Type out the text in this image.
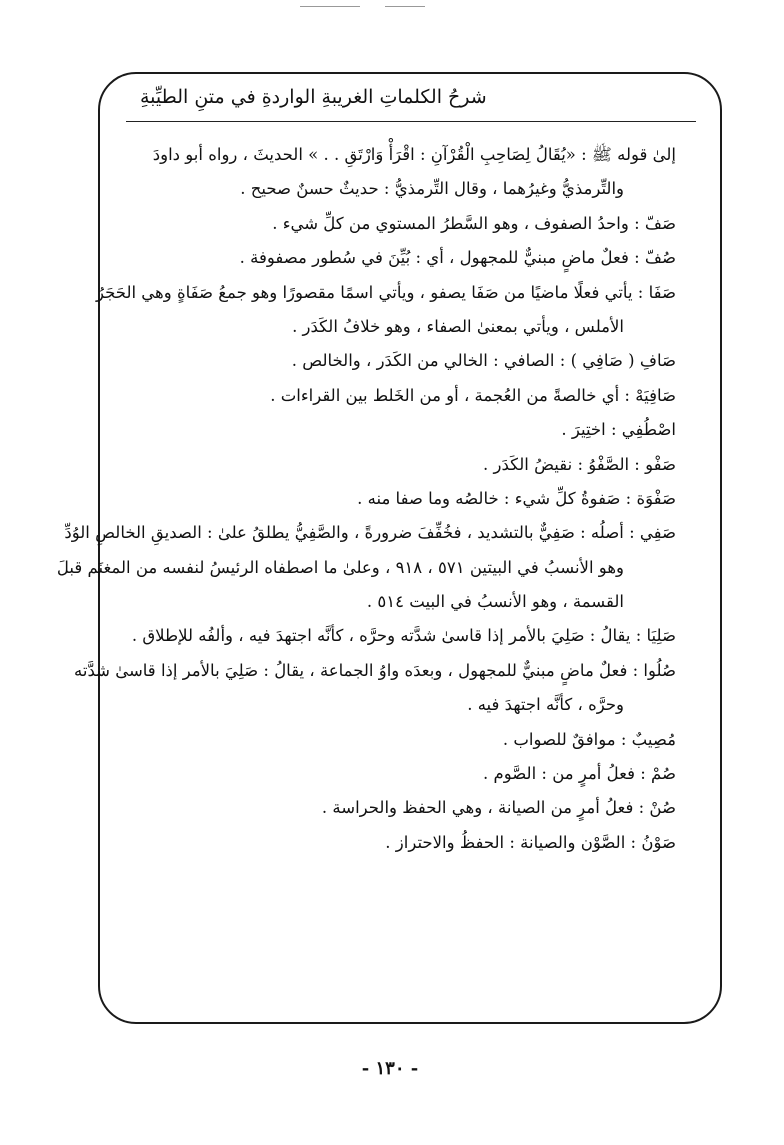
شرحُ الكلماتِ الغريبةِ الواردةِ في متنِ الطيِّبةِ
إلىٰ قوله ﷺ : «يُقَالُ لِصَاحِبِ الْقُرْآنِ : اقْرَأْ وَارْتَقِ . . » الحديثَ ، رواه أبو داودَ
والتِّرمذيُّ وغيرُهما ، وقال التِّرمذيُّ : حديثٌ حسنٌ صحيح .
صَفّ : واحدُ الصفوف ، وهو السَّطرُ المستوي من كلِّ شيء .
صُفّ : فعلٌ ماضٍ مبنيٌّ للمجهول ، أي : بُيِّنَ في سُطور مصفوفة .
صَفَا : يأتي فعلًا ماضيًا من صَفَا يصفو ، ويأتي اسمًا مقصورًا وهو جمعُ صَفَاةٍ وهي الحَجَرُ
الأملس ، ويأتي بمعنىٰ الصفاء ، وهو خلافُ الكَدَر .
صَافِ ( صَافِي ) : الصافي : الخالي من الكَدَر ، والخالص .
صَافِيَهْ : أي خالصةً من العُجمة ، أو من الخَلط بين القراءات .
اصْطُفِي : اختِيرَ .
صَفْو : الصَّفْوُ : نقيضُ الكَدَر .
صَفْوَة : صَفوةُ كلِّ شيء : خالصُه وما صفا منه .
صَفِي : أصلُه : صَفِيٌّ بالتشديد ، فخُفِّفَ ضرورةً ، والصَّفِيُّ يطلقُ علىٰ : الصديقِ الخالصِ الوُدِّ
وهو الأنسبُ في البيتين ٥٧١ ، ٩١٨ ، وعلىٰ ما اصطفاه الرئيسُ لنفسه من المغنَم قبلَ
القسمة ، وهو الأنسبُ في البيت ٥١٤ .
صَلِيَا : يقالُ : صَلِيَ بالأمر إذا قاسىٰ شدَّته وحرَّه ، كأنَّه اجتهدَ فيه ، وألفُه للإطلاق .
صُلُوا : فعلٌ ماضٍ مبنيٌّ للمجهول ، وبعدَه واوُ الجماعة ، يقالُ : صَلِيَ بالأمر إذا قاسىٰ شدَّته
وحرَّه ، كأنَّه اجتهدَ فيه .
مُصِيبٌ : موافقٌ للصواب .
صُمْ : فعلُ أمرٍ من : الصَّوم .
صُنْ : فعلُ أمرٍ من الصيانة ، وهي الحفظ والحراسة .
صَوْنُ : الصَّوْن والصيانة : الحفظُ والاحتراز .
- ١٣٠ -
